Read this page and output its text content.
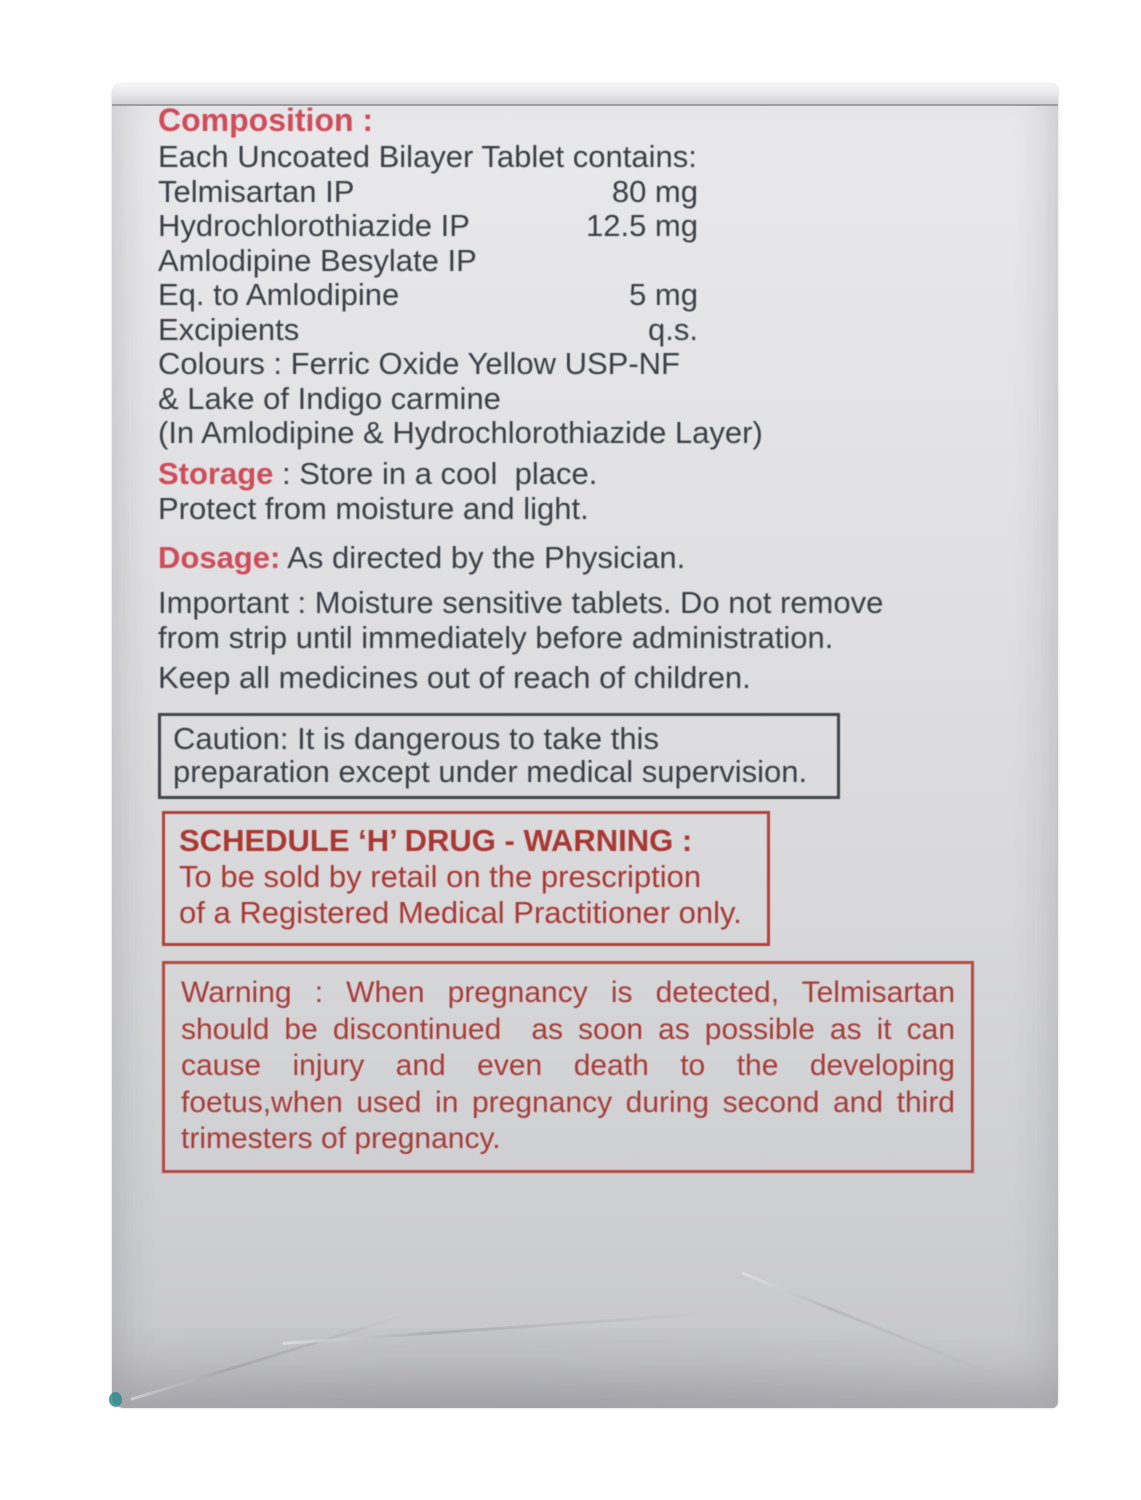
Composition :
Each Uncoated Bilayer Tablet contains:
Telmisartan IP	80 mg
Hydrochlorothiazide IP	12.5 mg
Amlodipine Besylate IP
Eq. to Amlodipine	5 mg
Excipients	q.s.
Colours : Ferric Oxide Yellow USP-NF
& Lake of Indigo carmine
(In Amlodipine & Hydrochlorothiazide Layer)
Storage : Store in a cool  place.
Protect from moisture and light.
Dosage: As directed by the Physician.
Important : Moisture sensitive tablets. Do not remove
from strip until immediately before administration.
Keep all medicines out of reach of children.
Caution: It is dangerous to take this
preparation except under medical supervision.
SCHEDULE ‘H’ DRUG - WARNING :
To be sold by retail on the prescription
of a Registered Medical Practitioner only.
Warning : When pregnancy is detected, Telmisartan
should be discontinued  as soon as possible as it can
cause injury and even death to the developing
foetus,when used in pregnancy during second and third
trimesters of pregnancy.
